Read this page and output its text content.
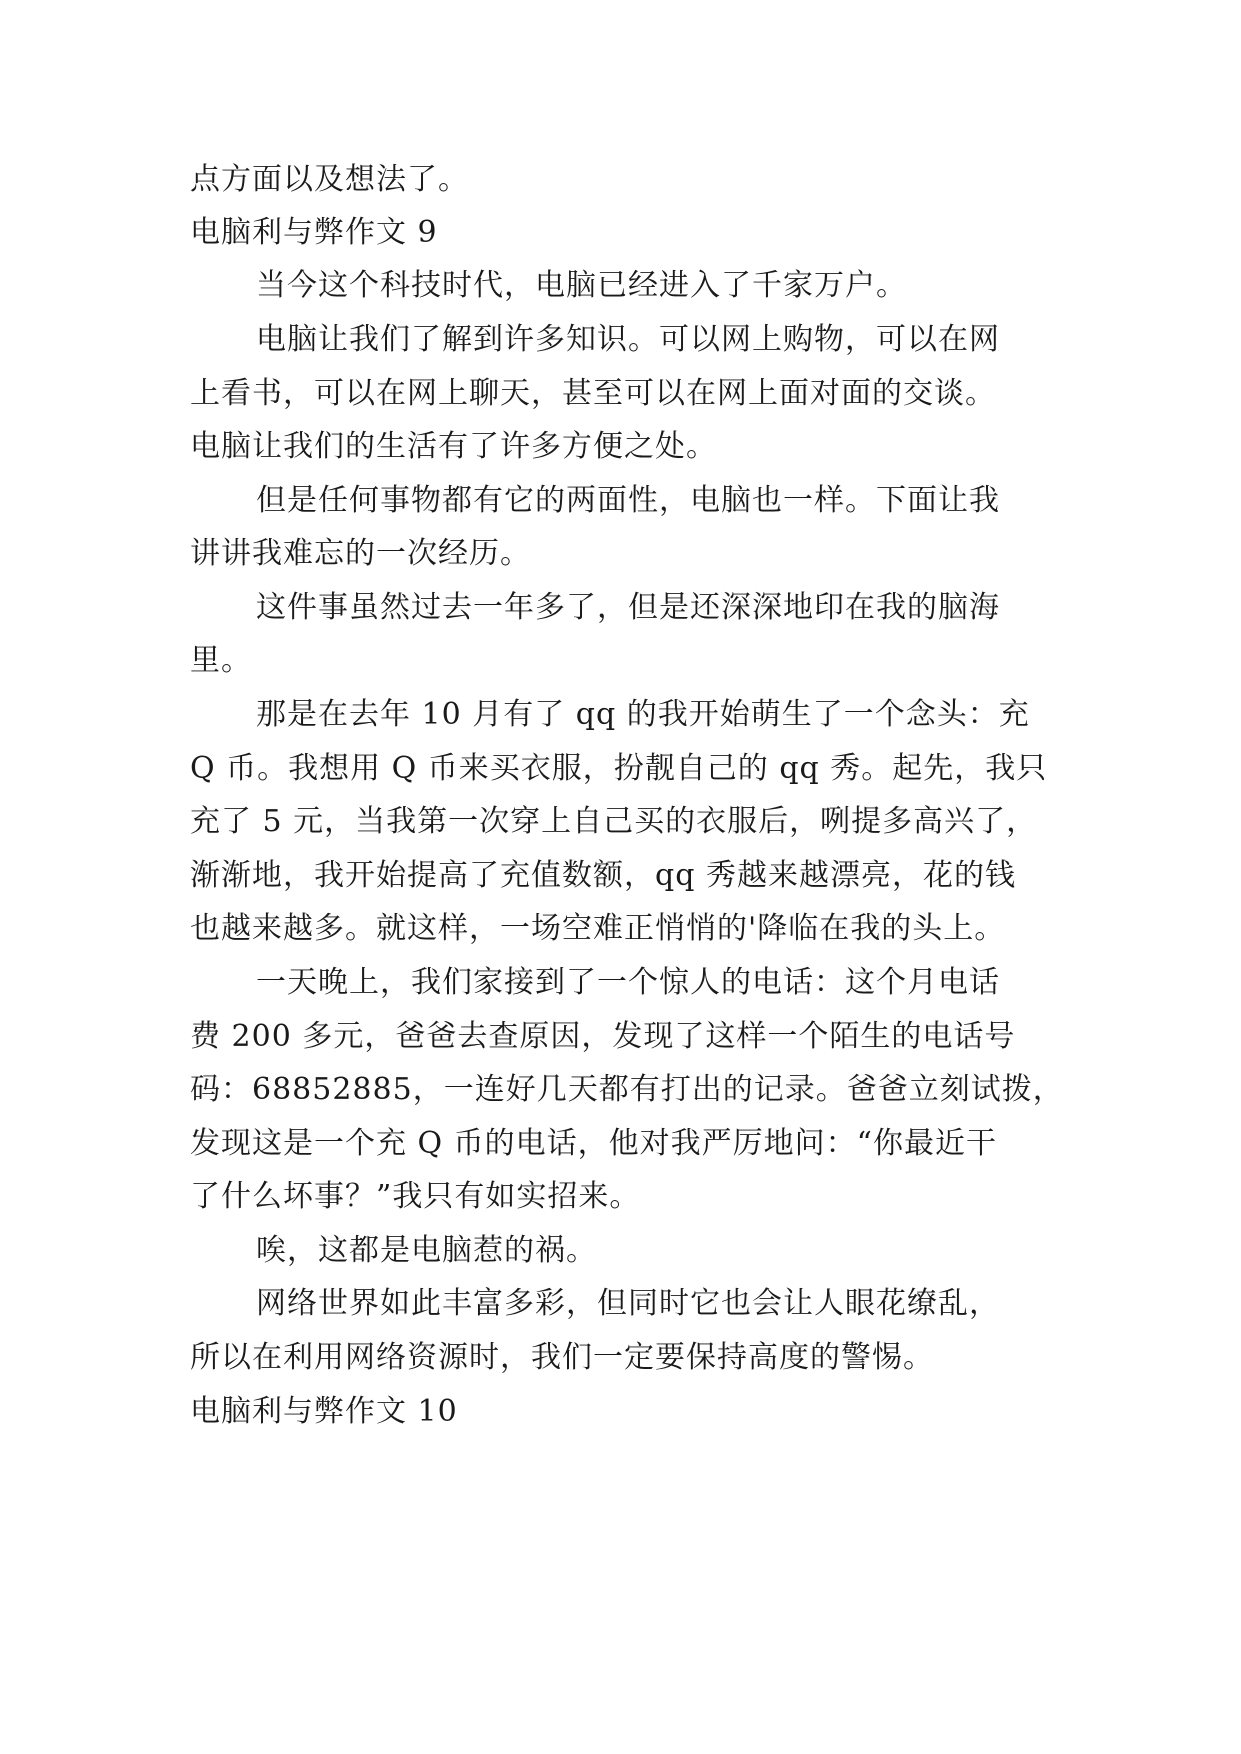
点方面以及想法了。
电脑利与弊作文 9
当今这个科技时代，电脑已经进入了千家万户。
电脑让我们了解到许多知识。可以网上购物，可以在网
上看书，可以在网上聊天，甚至可以在网上面对面的交谈。
电脑让我们的生活有了许多方便之处。
但是任何事物都有它的两面性，电脑也一样。下面让我
讲讲我难忘的一次经历。
这件事虽然过去一年多了，但是还深深地印在我的脑海
里。
那是在去年 10 月有了 qq 的我开始萌生了一个念头：充
Q 币。我想用 Q 币来买衣服，扮靓自己的 qq 秀。起先，我只
充了 5 元，当我第一次穿上自己买的衣服后，咧提多高兴了，
渐渐地，我开始提高了充值数额，qq 秀越来越漂亮，花的钱
也越来越多。就这样，一场空难正悄悄的'降临在我的头上。
一天晚上，我们家接到了一个惊人的电话：这个月电话
费 200 多元，爸爸去查原因，发现了这样一个陌生的电话号
码：68852885，一连好几天都有打出的记录。爸爸立刻试拨，
发现这是一个充 Q 币的电话，他对我严厉地问：“你最近干
了什么坏事？”我只有如实招来。
唉，这都是电脑惹的祸。
网络世界如此丰富多彩，但同时它也会让人眼花缭乱，
所以在利用网络资源时，我们一定要保持高度的警惕。
电脑利与弊作文 10
